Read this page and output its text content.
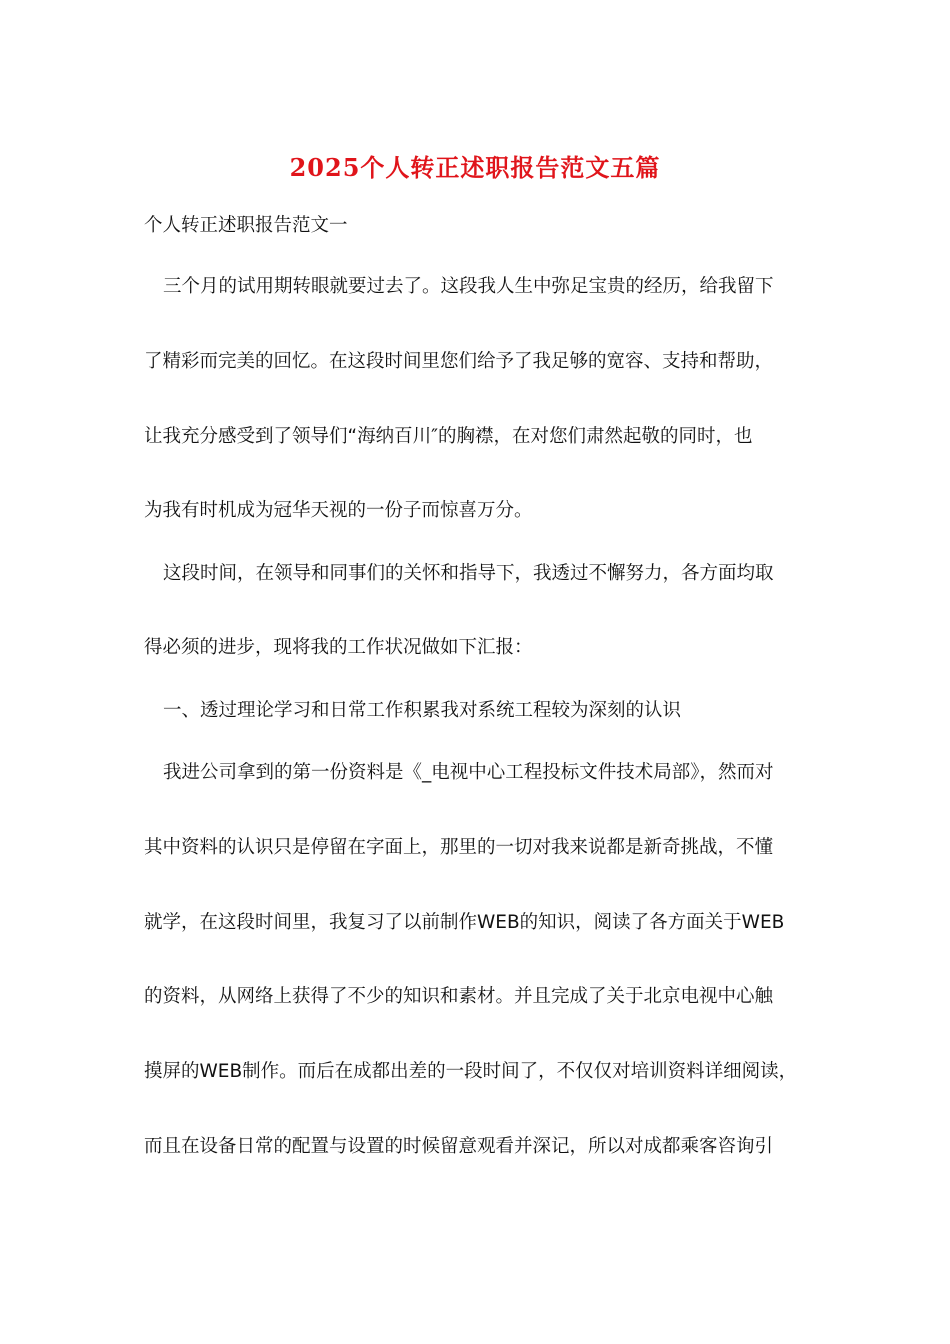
2025个人转正述职报告范文五篇
个人转正述职报告范文一
三个月的试用期转眼就要过去了。这段我人生中弥足宝贵的经历，给我留下
了精彩而完美的回忆。在这段时间里您们给予了我足够的宽容、支持和帮助，
让我充分感受到了领导们“海纳百川″的胸襟，在对您们肃然起敬的同时，也
为我有时机成为冠华天视的一份子而惊喜万分。
这段时间，在领导和同事们的关怀和指导下，我透过不懈努力，各方面均取
得必须的进步，现将我的工作状况做如下汇报：
一、透过理论学习和日常工作积累我对系统工程较为深刻的认识
我进公司拿到的第一份资料是《_电视中心工程投标文件技术局部》，然而对
其中资料的认识只是停留在字面上，那里的一切对我来说都是新奇挑战，不懂
就学，在这段时间里，我复习了以前制作WEB的知识，阅读了各方面关于WEB
的资料，从网络上获得了不少的知识和素材。并且完成了关于北京电视中心触
摸屏的WEB制作。而后在成都出差的一段时间了，不仅仅对培训资料详细阅读，
而且在设备日常的配置与设置的时候留意观看并深记，所以对成都乘客咨询引
